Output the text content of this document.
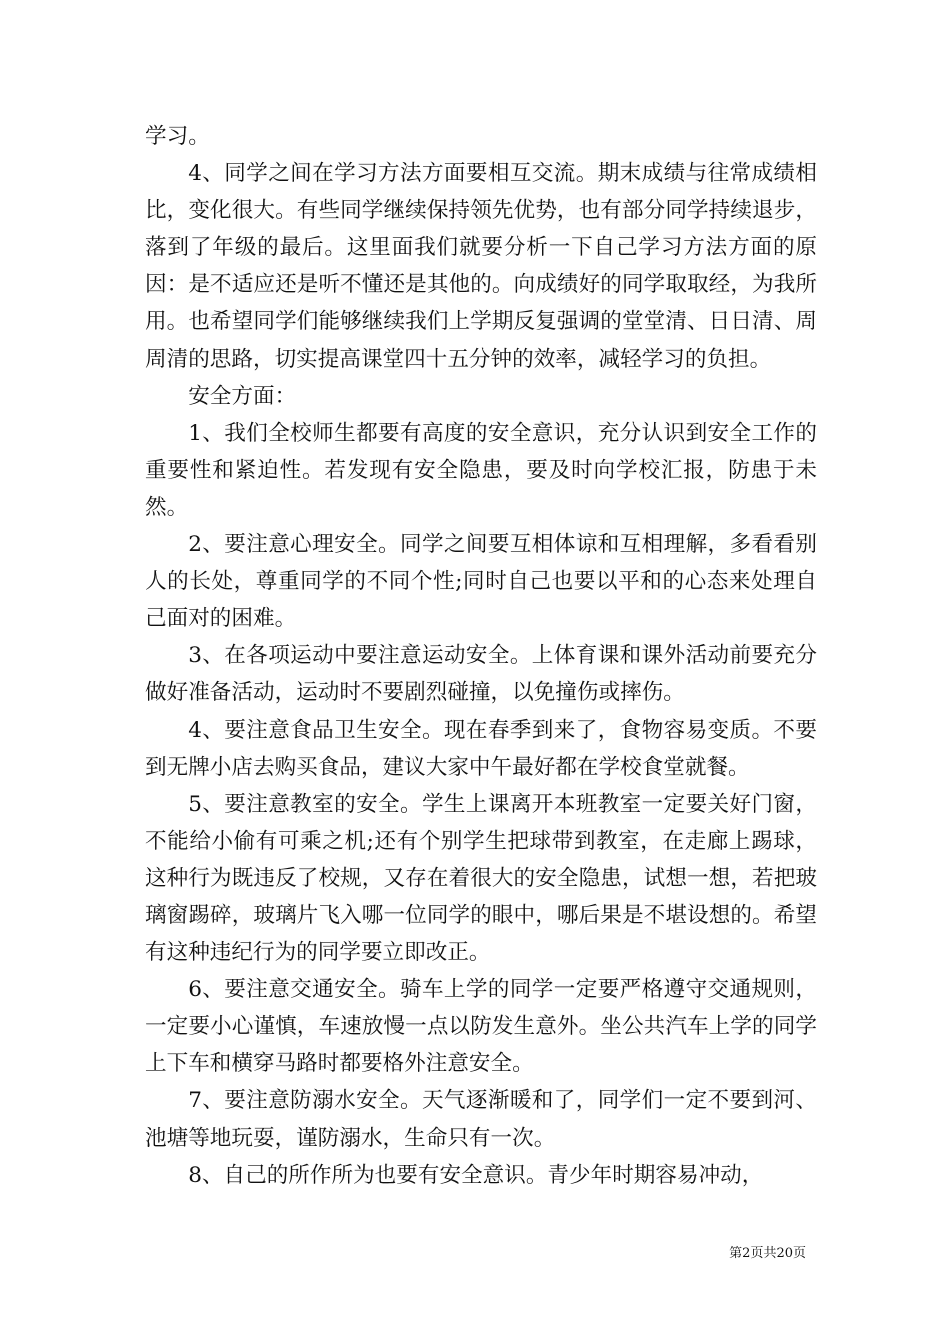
学习。

4、同学之间在学习方法方面要相互交流。期末成绩与往常成绩相比，变化很大。有些同学继续保持领先优势，也有部分同学持续退步，落到了年级的最后。这里面我们就要分析一下自己学习方法方面的原因：是不适应还是听不懂还是其他的。向成绩好的同学取取经，为我所用。也希望同学们能够继续我们上学期反复强调的堂堂清、日日清、周周清的思路，切实提高课堂四十五分钟的效率，减轻学习的负担。

安全方面：

1、我们全校师生都要有高度的安全意识，充分认识到安全工作的重要性和紧迫性。若发现有安全隐患，要及时向学校汇报，防患于未然。

2、要注意心理安全。同学之间要互相体谅和互相理解，多看看别人的长处，尊重同学的不同个性;同时自己也要以平和的心态来处理自己面对的困难。

3、在各项运动中要注意运动安全。上体育课和课外活动前要充分做好准备活动，运动时不要剧烈碰撞，以免撞伤或摔伤。

4、要注意食品卫生安全。现在春季到来了，食物容易变质。不要到无牌小店去购买食品，建议大家中午最好都在学校食堂就餐。

5、要注意教室的安全。学生上课离开本班教室一定要关好门窗，不能给小偷有可乘之机;还有个别学生把球带到教室，在走廊上踢球，这种行为既违反了校规，又存在着很大的安全隐患，试想一想，若把玻璃窗踢碎，玻璃片飞入哪一位同学的眼中，哪后果是不堪设想的。希望有这种违纪行为的同学要立即改正。

6、要注意交通安全。骑车上学的同学一定要严格遵守交通规则，一定要小心谨慎，车速放慢一点以防发生意外。坐公共汽车上学的同学上下车和横穿马路时都要格外注意安全。

7、要注意防溺水安全。天气逐渐暖和了，同学们一定不要到河、池塘等地玩耍，谨防溺水，生命只有一次。

8、自己的所作所为也要有安全意识。青少年时期容易冲动，

第2页共20页
